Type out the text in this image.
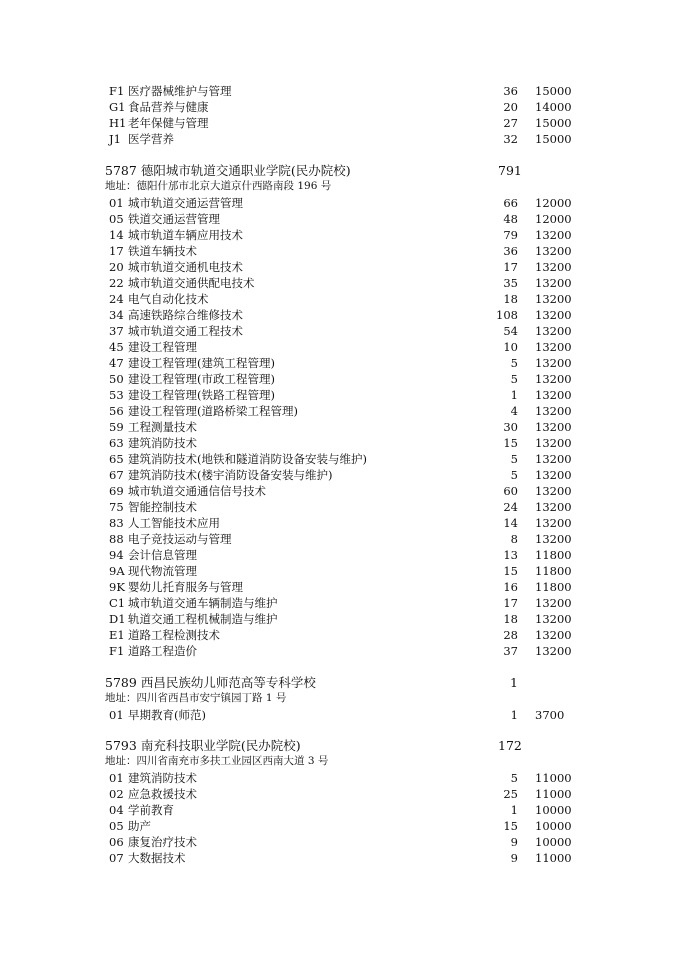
F1 医疗器械维护与管理	36 15000
G1 食品营养与健康	20 14000
H1 老年保健与管理	27 15000
J1 医学营养	32 15000
5787 德阳城市轨道交通职业学院(民办院校)	791
地址：德阳什邡市北京大道京什西路南段 196 号
01 城市轨道交通运营管理	66 12000
05 铁道交通运营管理	48 12000
14 城市轨道车辆应用技术	79 13200
17 铁道车辆技术	36 13200
20 城市轨道交通机电技术	17 13200
22 城市轨道交通供配电技术	35 13200
24 电气自动化技术	18 13200
34 高速铁路综合维修技术	108 13200
37 城市轨道交通工程技术	54 13200
45 建设工程管理	10 13200
47 建设工程管理(建筑工程管理)	5 13200
50 建设工程管理(市政工程管理)	5 13200
53 建设工程管理(铁路工程管理)	1 13200
56 建设工程管理(道路桥梁工程管理)	4 13200
59 工程测量技术	30 13200
63 建筑消防技术	15 13200
65 建筑消防技术(地铁和隧道消防设备安装与维护)	5 13200
67 建筑消防技术(楼宇消防设备安装与维护)	5 13200
69 城市轨道交通通信信号技术	60 13200
75 智能控制技术	24 13200
83 人工智能技术应用	14 13200
88 电子竞技运动与管理	8 13200
94 会计信息管理	13 11800
9A 现代物流管理	15 11800
9K 婴幼儿托育服务与管理	16 11800
C1 城市轨道交通车辆制造与维护	17 13200
D1 轨道交通工程机械制造与维护	18 13200
E1 道路工程检测技术	28 13200
F1 道路工程造价	37 13200
5789 西昌民族幼儿师范高等专科学校	1
地址：四川省西昌市安宁镇园丁路 1 号
01 早期教育(师范)	1 3700
5793 南充科技职业学院(民办院校)	172
地址：四川省南充市多扶工业园区西南大道 3 号
01 建筑消防技术	5 11000
02 应急救援技术	25 11000
04 学前教育	1 10000
05 助产	15 10000
06 康复治疗技术	9 10000
07 大数据技术	9 11000
